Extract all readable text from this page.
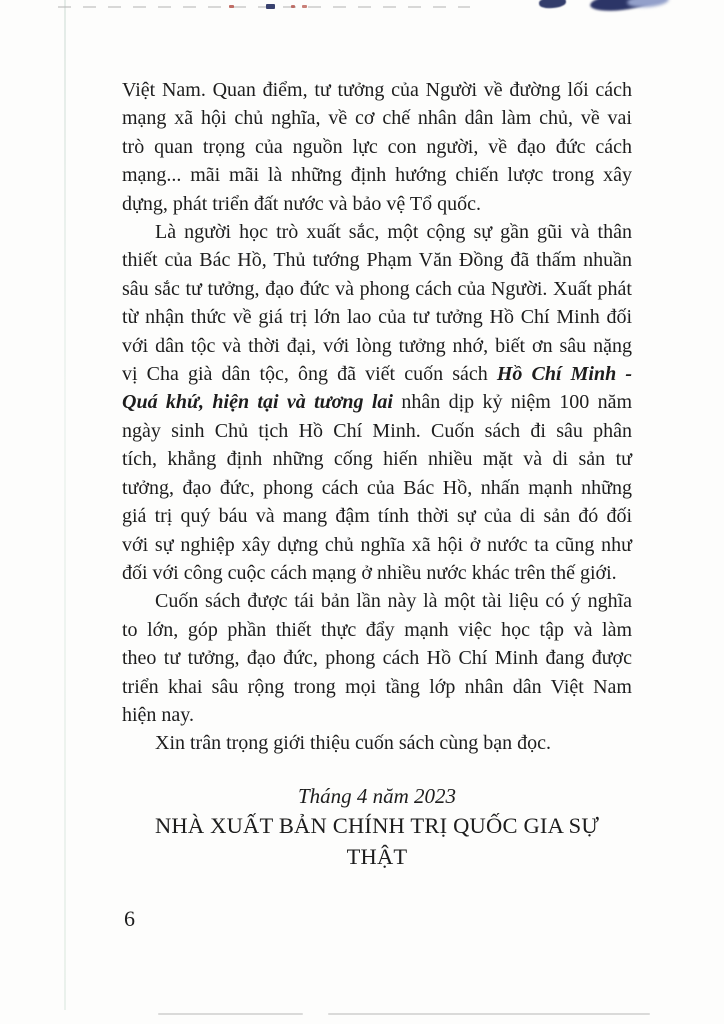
Việt Nam. Quan điểm, tư tưởng của Người về đường lối cách
mạng xã hội chủ nghĩa, về cơ chế nhân dân làm chủ, về vai
trò quan trọng của nguồn lực con người, về đạo đức cách
mạng... mãi mãi là những định hướng chiến lược trong xây
dựng, phát triển đất nước và bảo vệ Tổ quốc.
Là người học trò xuất sắc, một cộng sự gần gũi và thân
thiết của Bác Hồ, Thủ tướng Phạm Văn Đồng đã thấm nhuần
sâu sắc tư tưởng, đạo đức và phong cách của Người. Xuất phát
từ nhận thức về giá trị lớn lao của tư tưởng Hồ Chí Minh đối
với dân tộc và thời đại, với lòng tưởng nhớ, biết ơn sâu nặng
vị Cha già dân tộc, ông đã viết cuốn sách Hồ Chí Minh -
Quá khứ, hiện tại và tương lai nhân dịp kỷ niệm 100 năm
ngày sinh Chủ tịch Hồ Chí Minh. Cuốn sách đi sâu phân
tích, khẳng định những cống hiến nhiều mặt và di sản tư
tưởng, đạo đức, phong cách của Bác Hồ, nhấn mạnh những
giá trị quý báu và mang đậm tính thời sự của di sản đó đối
với sự nghiệp xây dựng chủ nghĩa xã hội ở nước ta cũng như
đối với công cuộc cách mạng ở nhiều nước khác trên thế giới.
Cuốn sách được tái bản lần này là một tài liệu có ý nghĩa
to lớn, góp phần thiết thực đẩy mạnh việc học tập và làm
theo tư tưởng, đạo đức, phong cách Hồ Chí Minh đang được
triển khai sâu rộng trong mọi tầng lớp nhân dân Việt Nam
hiện nay.
Xin trân trọng giới thiệu cuốn sách cùng bạn đọc.
Tháng 4 năm 2023
NHÀ XUẤT BẢN CHÍNH TRỊ QUỐC GIA SỰ THẬT
6
